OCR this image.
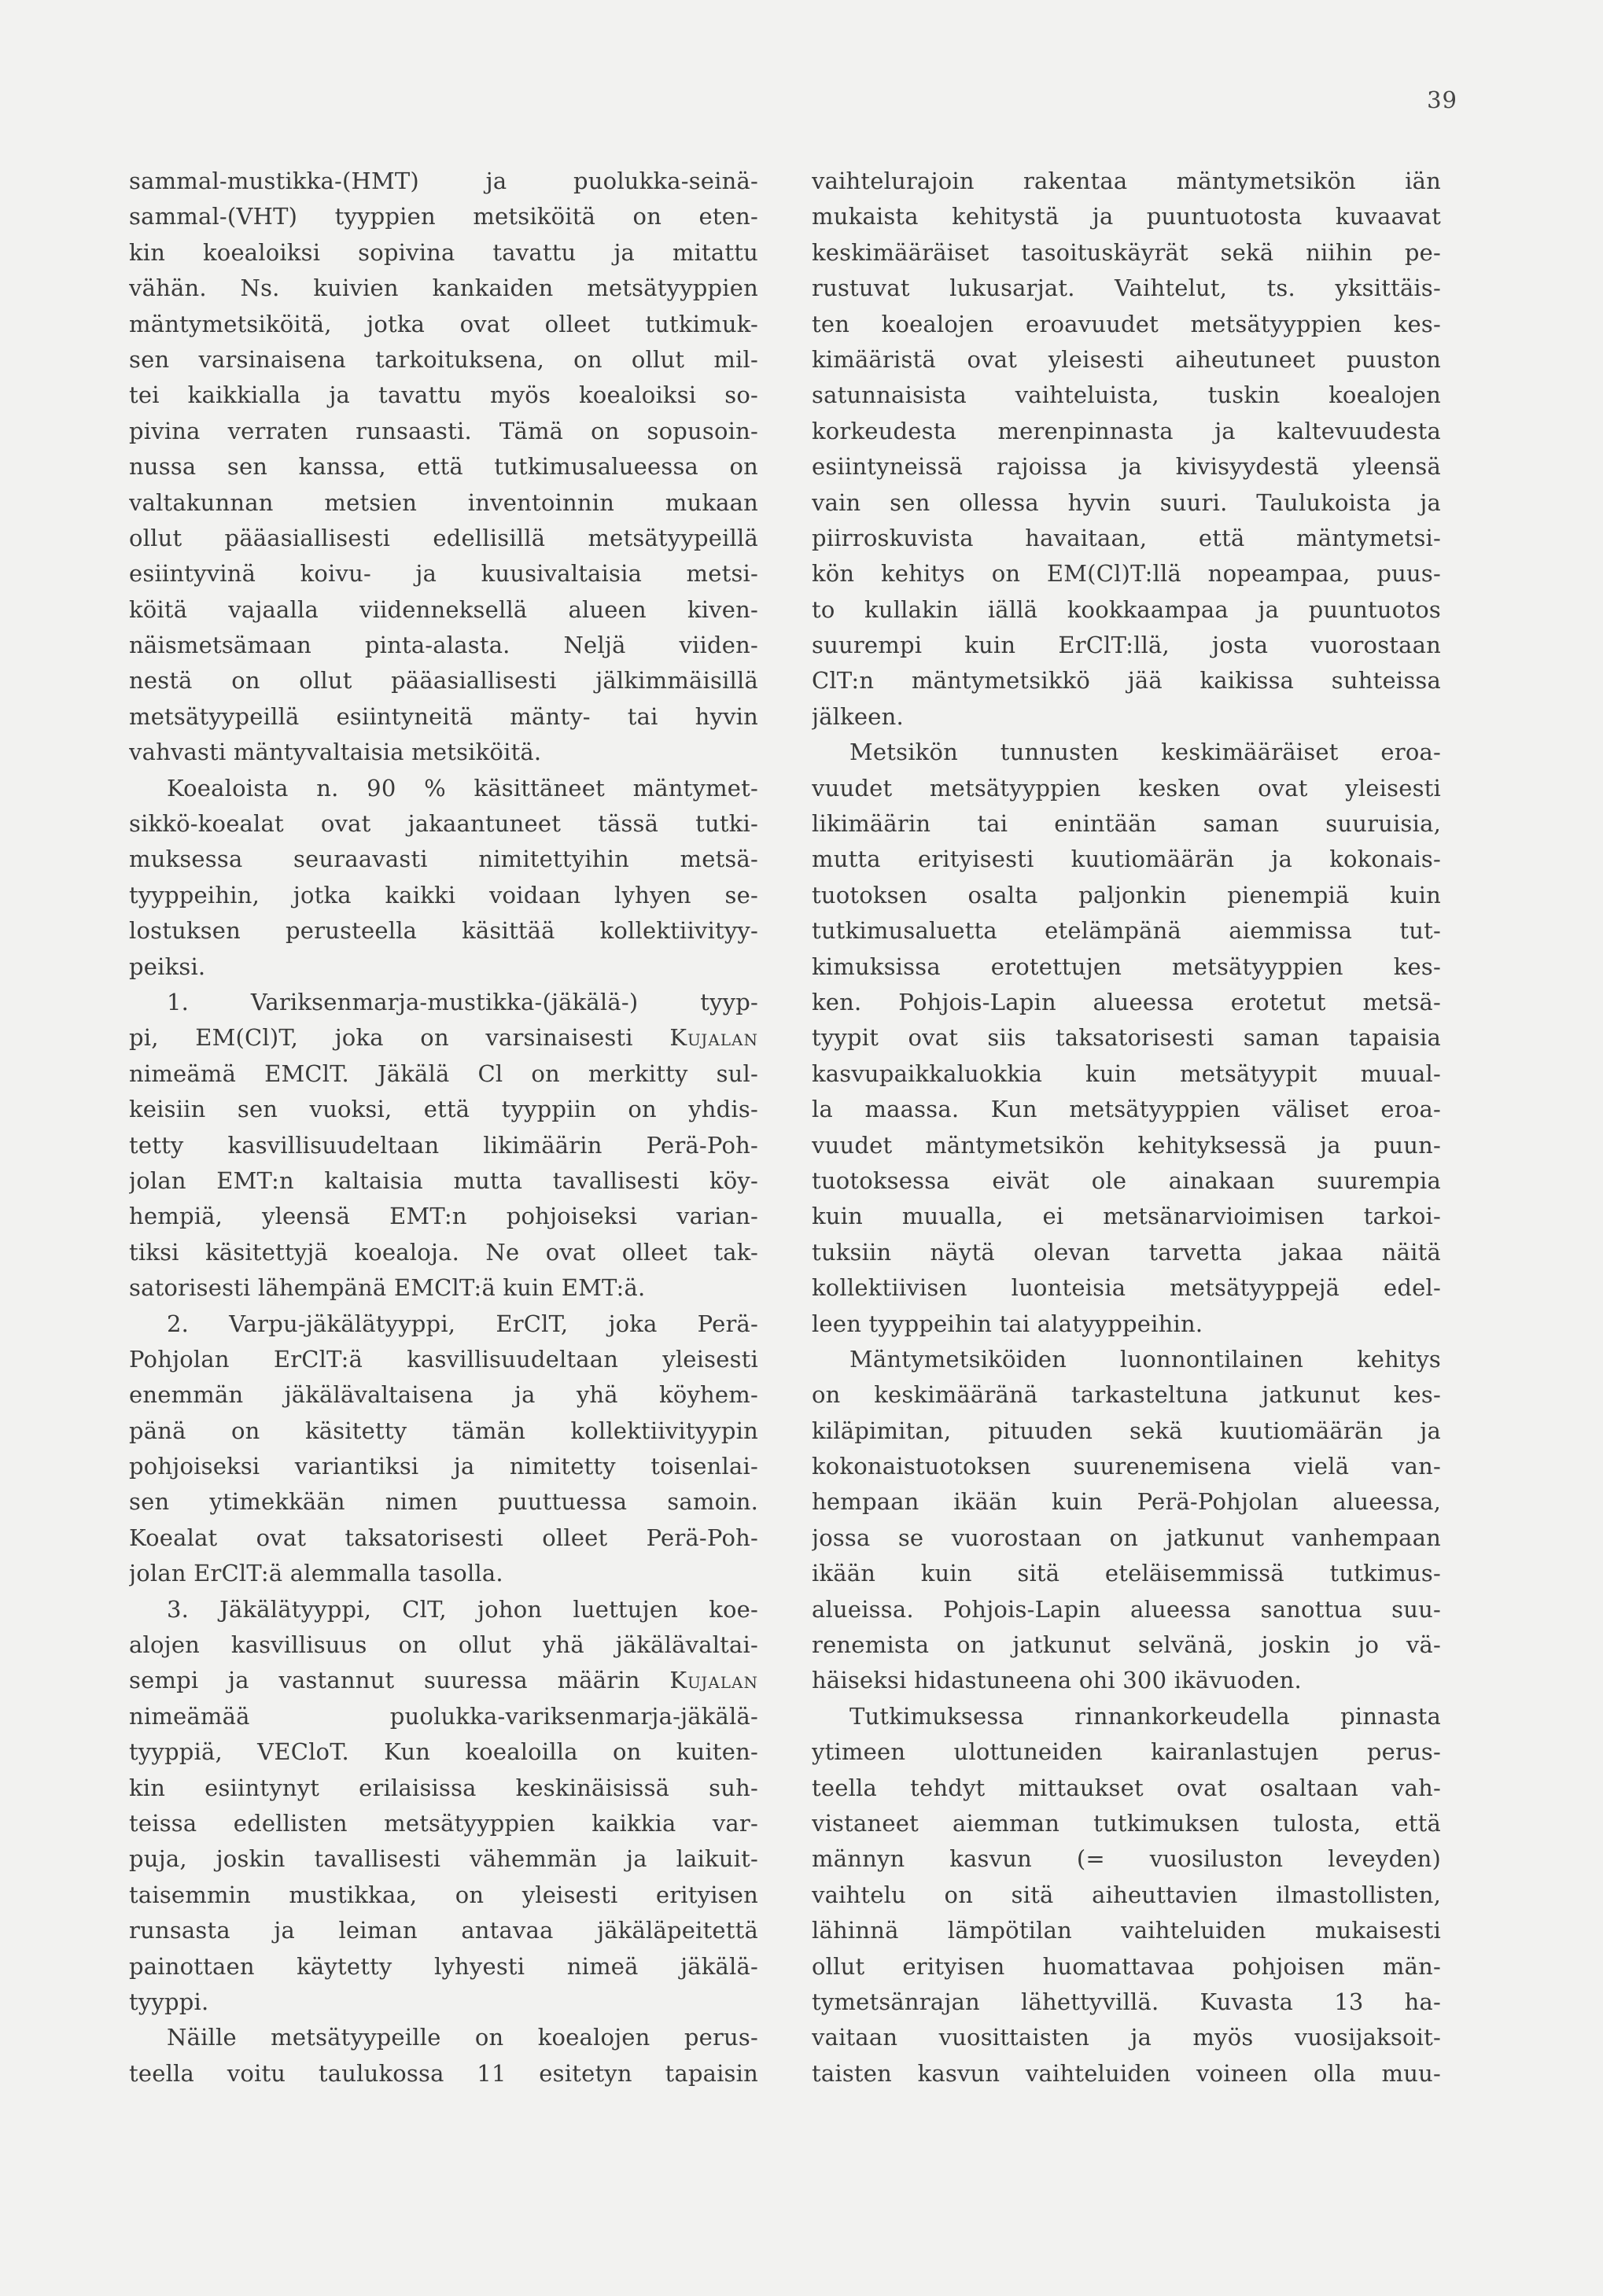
39
sammal-mustikka-(HMT) ja puolukka-seinä-
sammal-(VHT) tyyppien metsiköitä on eten-
kin koealoiksi sopivina tavattu ja mitattu
vähän. Ns. kuivien kankaiden metsätyyppien
mäntymetsiköitä, jotka ovat olleet tutkimuk-
sen varsinaisena tarkoituksena, on ollut mil-
tei kaikkialla ja tavattu myös koealoiksi so-
pivina verraten runsaasti. Tämä on sopusoin-
nussa sen kanssa, että tutkimusalueessa on
valtakunnan metsien inventoinnin mukaan
ollut pääasiallisesti edellisillä metsätyypeillä
esiintyvinä koivu- ja kuusivaltaisia metsi-
köitä vajaalla viidenneksellä alueen kiven-
näismetsämaan pinta-alasta. Neljä viiden-
nestä on ollut pääasiallisesti jälkimmäisillä
metsätyypeillä esiintyneitä mänty- tai hyvin
vahvasti mäntyvaltaisia metsiköitä.
Koealoista n. 90 % käsittäneet mäntymet-
sikkö-koealat ovat jakaantuneet tässä tutki-
muksessa seuraavasti nimitettyihin metsä-
tyyppeihin, jotka kaikki voidaan lyhyen se-
lostuksen perusteella käsittää kollektiivityy-
peiksi.
1. Variksenmarja-mustikka-(jäkälä-) tyyp-
pi, EM(Cl)T, joka on varsinaisesti Kujalan
nimeämä EMClT. Jäkälä Cl on merkitty sul-
keisiin sen vuoksi, että tyyppiin on yhdis-
tetty kasvillisuudeltaan likimäärin Perä-Poh-
jolan EMT:n kaltaisia mutta tavallisesti köy-
hempiä, yleensä EMT:n pohjoiseksi varian-
tiksi käsitettyjä koealoja. Ne ovat olleet tak-
satorisesti lähempänä EMClT:ä kuin EMT:ä.
2. Varpu-jäkälätyyppi, ErClT, joka Perä-
Pohjolan ErClT:ä kasvillisuudeltaan yleisesti
enemmän jäkälävaltaisena ja yhä köyhem-
pänä on käsitetty tämän kollektiivityypin
pohjoiseksi variantiksi ja nimitetty toisenlai-
sen ytimekkään nimen puuttuessa samoin.
Koealat ovat taksatorisesti olleet Perä-Poh-
jolan ErClT:ä alemmalla tasolla.
3. Jäkälätyyppi, ClT, johon luettujen koe-
alojen kasvillisuus on ollut yhä jäkälävaltai-
sempi ja vastannut suuressa määrin Kujalan
nimeämää puolukka-variksenmarja-jäkälä-
tyyppiä, VEClоT. Kun koealoilla on kuiten-
kin esiintynyt erilaisissa keskinäisissä suh-
teissa edellisten metsätyyppien kaikkia var-
puja, joskin tavallisesti vähemmän ja laikuit-
taisemmin mustikkaa, on yleisesti erityisen
runsasta ja leiman antavaa jäkäläpeitettä
painottaen käytetty lyhyesti nimeä jäkälä-
tyyppi.
Näille metsätyypeille on koealojen perus-
teella voitu taulukossa 11 esitetyn tapaisin
vaihtelurajoin rakentaa mäntymetsikön iän
mukaista kehitystä ja puuntuotosta kuvaavat
keskimääräiset tasoituskäyrät sekä niihin pe-
rustuvat lukusarjat. Vaihtelut, ts. yksittäis-
ten koealojen eroavuudet metsätyyppien kes-
kimääristä ovat yleisesti aiheutuneet puuston
satunnaisista vaihteluista, tuskin koealojen
korkeudesta merenpinnasta ja kaltevuudesta
esiintyneissä rajoissa ja kivisyydestä yleensä
vain sen ollessa hyvin suuri. Taulukoista ja
piirroskuvista havaitaan, että mäntymetsi-
kön kehitys on EM(Cl)T:llä nopeampaa, puus-
to kullakin iällä kookkaampaa ja puuntuotos
suurempi kuin ErClT:llä, josta vuorostaan
ClT:n mäntymetsikkö jää kaikissa suhteissa
jälkeen.
Metsikön tunnusten keskimääräiset eroa-
vuudet metsätyyppien kesken ovat yleisesti
likimäärin tai enintään saman suuruisia,
mutta erityisesti kuutiomäärän ja kokonais-
tuotoksen osalta paljonkin pienempiä kuin
tutkimusaluetta etelämpänä aiemmissa tut-
kimuksissa erotettujen metsätyyppien kes-
ken. Pohjois-Lapin alueessa erotetut metsä-
tyypit ovat siis taksatorisesti saman tapaisia
kasvupaikkaluokkia kuin metsätyypit muual-
la maassa. Kun metsätyyppien väliset eroa-
vuudet mäntymetsikön kehityksessä ja puun-
tuotoksessa eivät ole ainakaan suurempia
kuin muualla, ei metsänarvioimisen tarkoi-
tuksiin näytä olevan tarvetta jakaa näitä
kollektiivisen luonteisia metsätyyppejä edel-
leen tyyppeihin tai alatyyppeihin.
Mäntymetsiköiden luonnontilainen kehitys
on keskimääränä tarkasteltuna jatkunut kes-
kiläpimitan, pituuden sekä kuutiomäärän ja
kokonaistuotoksen suurenemisena vielä van-
hempaan ikään kuin Perä-Pohjolan alueessa,
jossa se vuorostaan on jatkunut vanhempaan
ikään kuin sitä eteläisemmissä tutkimus-
alueissa. Pohjois-Lapin alueessa sanottua suu-
renemista on jatkunut selvänä, joskin jo vä-
häiseksi hidastuneena ohi 300 ikävuoden.
Tutkimuksessa rinnankorkeudella pinnasta
ytimeen ulottuneiden kairanlastujen perus-
teella tehdyt mittaukset ovat osaltaan vah-
vistaneet aiemman tutkimuksen tulosta, että
männyn kasvun (= vuosiluston leveyden)
vaihtelu on sitä aiheuttavien ilmastollisten,
lähinnä lämpötilan vaihteluiden mukaisesti
ollut erityisen huomattavaa pohjoisen män-
tymetsänrajan lähettyvillä. Kuvasta 13 ha-
vaitaan vuosittaisten ja myös vuosijaksoit-
taisten kasvun vaihteluiden voineen olla muu-
